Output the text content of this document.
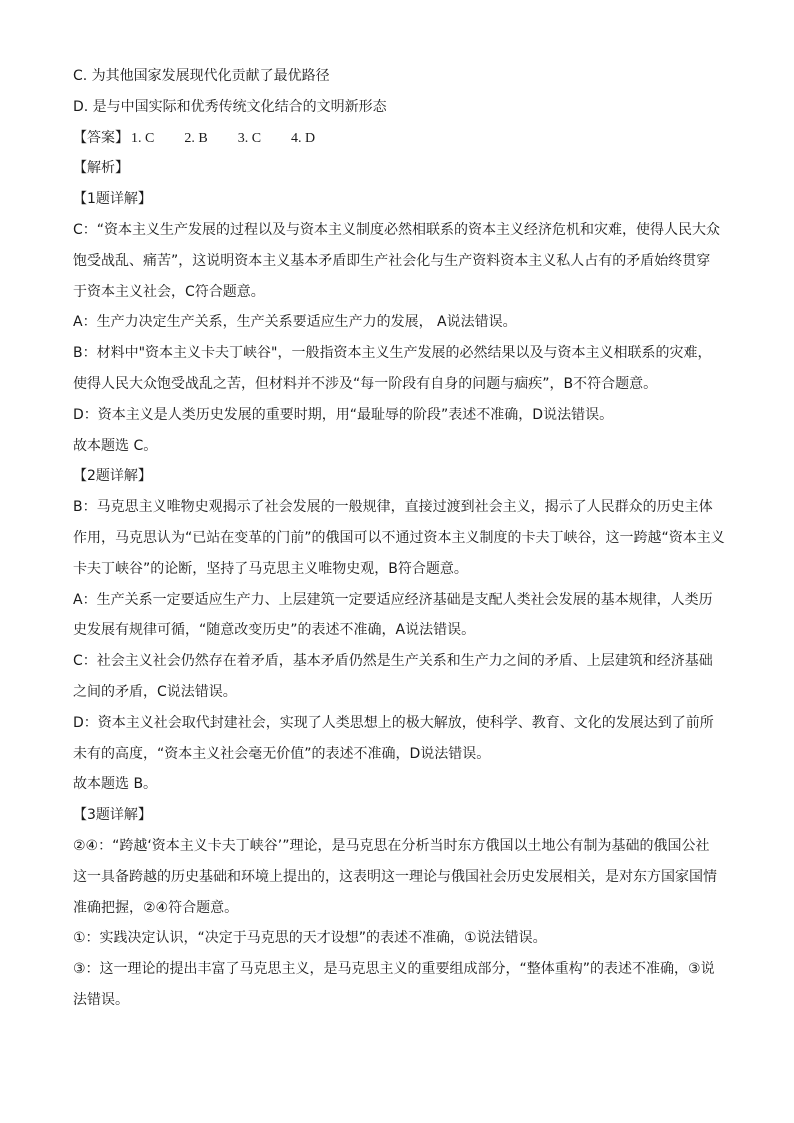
C. 为其他国家发展现代化贡献了最优路径
D. 是与中国实际和优秀传统文化结合的文明新形态
【答案】 1. C 2. B 3. C 4. D
【解析】
【1题详解】
C：“资本主义生产发展的过程以及与资本主义制度必然相联系的资本主义经济危机和灾难，使得人民大众
饱受战乱、痛苦”，这说明资本主义基本矛盾即生产社会化与生产资料资本主义私人占有的矛盾始终贯穿
于资本主义社会，C符合题意。
A：生产力决定生产关系，生产关系要适应生产力的发展， A说法错误。
B：材料中"资本主义卡夫丁峡谷"，一般指资本主义生产发展的必然结果以及与资本主义相联系的灾难，
使得人民大众饱受战乱之苦，但材料并不涉及“每一阶段有自身的问题与痼疾”，B不符合题意。
D：资本主义是人类历史发展的重要时期，用“最耻辱的阶段”表述不准确，D说法错误。
故本题选 C。
【2题详解】
B：马克思主义唯物史观揭示了社会发展的一般规律，直接过渡到社会主义，揭示了人民群众的历史主体
作用，马克思认为“已站在变革的门前”的俄国可以不通过资本主义制度的卡夫丁峡谷，这一跨越“资本主义
卡夫丁峡谷”的论断，坚持了马克思主义唯物史观，B符合题意。
A：生产关系一定要适应生产力、上层建筑一定要适应经济基础是支配人类社会发展的基本规律，人类历
史发展有规律可循，“随意改变历史”的表述不准确，A说法错误。
C：社会主义社会仍然存在着矛盾，基本矛盾仍然是生产关系和生产力之间的矛盾、上层建筑和经济基础
之间的矛盾，C说法错误。
D：资本主义社会取代封建社会，实现了人类思想上的极大解放，使科学、教育、文化的发展达到了前所
未有的高度，“资本主义社会毫无价值”的表述不准确，D说法错误。
故本题选 B。
【3题详解】
②④：“跨越‘资本主义卡夫丁峡谷’”理论，是马克思在分析当时东方俄国以土地公有制为基础的俄国公社
这一具备跨越的历史基础和环境上提出的，这表明这一理论与俄国社会历史发展相关，是对东方国家国情
准确把握，②④符合题意。
①：实践决定认识，“决定于马克思的天才设想”的表述不准确，①说法错误。
③：这一理论的提出丰富了马克思主义，是马克思主义的重要组成部分，“整体重构”的表述不准确，③说
法错误。
